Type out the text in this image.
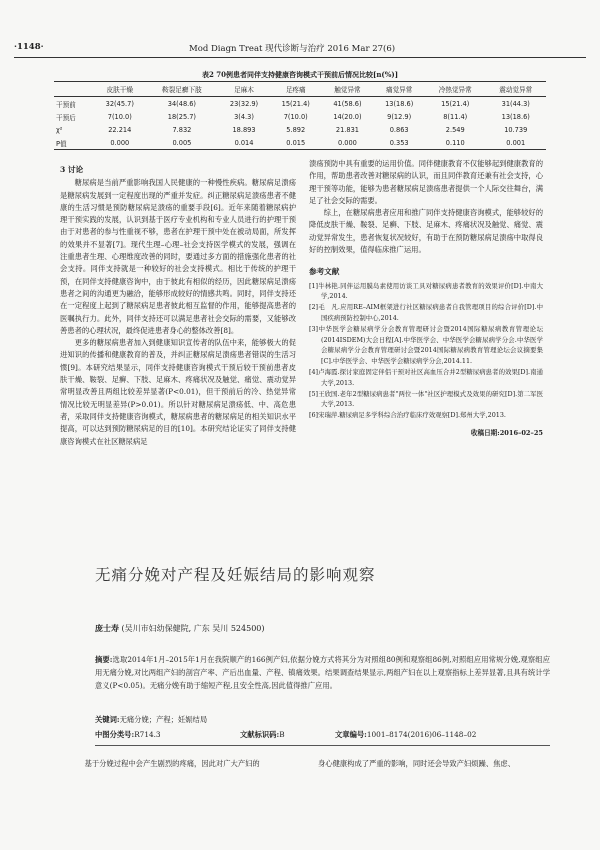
·1148·	Mod Diagn Treat 现代诊断与治疗 2016 Mar 27(6)
表2 70例患者同伴支持健康咨询模式干预前后情况比较[n(%)]
	皮肤干燥	鞍裂足癣下肢	足麻木	足疼痛	触觉异常	痛觉异常	冷热觉异常	震动觉异常
干预前	32(45.7)	34(48.6)	23(32.9)	15(21.4)	41(58.6)	13(18.6)	15(21.4)	31(44.3)
干预后	7(10.0)	18(25.7)	3(4.3)	7(10.0)	14(20.0)	9(12.9)	8(11.4)	13(18.6)
χ²	22.214	7.832	18.893	5.892	21.831	0.863	2.549	10.739
P值	0.000	0.005	0.014	0.015	0.000	0.353	0.110	0.001
3 讨论

糖尿病是当前严重影响我国人民健康的一种慢性疾病。糖尿病足溃疡是糖尿病发展到一定程度出现的严重并发症。纠正糖尿病足溃疡患者不健康的生活习惯是预防糖尿病足溃疡的重要手段[6]。近年来随着糖尿病护理干预实践的发展，认识到基于医疗专业机构和专业人员进行的护理干预由于对患者的参与性重视不够，患者在护理干预中处在被动局面，所发挥的效果并不显著[7]。现代生理–心理–社会支持医学模式的发展，强调在注重患者生理、心理维度改善的同时，要通过多方面的措施强化患者的社会支持。同伴支持就是一种较好的社会支持模式。相比于传统的护理干预，在同伴支持健康咨询中，由于彼此有相似的经历，因此糖尿病足溃疡患者之间的沟通更为融洽，能够形成较好的情感共鸣。同时，同伴支持还在一定程度上起到了糖尿病足患者彼此相互监督的作用，能够提高患者的医嘱执行力。此外，同伴支持还可以满足患者社会交际的需要，又能够改善患者的心理状况，最终促进患者身心的整体改善[8]。

更多的糖尿病患者加入到健康知识宣传者的队伍中来，能够极大的促进知识的传播和健康教育的普及，并纠正糖尿病足溃疡患者错误的生活习惯[9]。本研究结果显示，同伴支持健康咨询模式干预后较干预前患者皮肤干燥、鞍裂、足癣、下肢、足麻木、疼痛状况及触觉、痛觉、震动觉异常明显改善且两组比较差异显著(P<0.01)，但干预前后的冷、热觉异常情况比较无明显差异(P>0.01)。所以针对糖尿病足溃疡低、中、高危患者，采取同伴支持健康咨询模式，糖尿病患者的糖尿病足的相关知识水平提高，可以达到预防糖尿病足的目的[10]。本研究结论证实了同伴支持健康咨询模式在社区糖尿病足

溃疡预防中具有重要的运用价值。同伴健康教育不仅能够起到健康教育的作用，帮助患者改善对糖尿病的认识，而且同伴教育还兼有社会支持，心理干预等功能，能够为患者糖尿病足溃疡患者提供一个人际交往舞台，满足了社会交际的需要。

综上，在糖尿病患者应用和推广同伴支持健康咨询模式，能够较好的降低皮肤干燥、鞍裂、足癣、下肢、足麻木、疼痛状况及触觉、痛觉、震动觉异常发生，患者恢复状况较好，有助于在预防糖尿病足溃疡中取得良好的控制效果，值得临床推广运用。

参考文献
[1]牛林艳.同伴运用膜岛素使用访谈工具对糖尿病患者教育的效果评价[D].中南大学,2014.
[2]毛　凡.应用RE–AIM框架进行社区糖尿病患者自我管理项目的综合评价[D].中国疾病预防控制中心,2014.
[3]中华医学会糖尿病学分会教育管理研讨会暨2014国际糖尿病教育管理论坛(2014ISDEM)大会日程[A].中华医学会、中华医学会糖尿病学分会.中华医学会糖尿病学分会教育管理研讨会暨2014国际糖尿病教育管理论坛会议摘要集[C].中华医学会、中华医学会糖尿病学分会,2014.11.
[4]卢海霞.探讨家庭固定伴侣干预对社区高血压合并2型糖尿病患者的效果[D].南通大学,2013.
[5]王欣国.老年2型糖尿病患者"两位一体"社区护理模式及效果的研究[D].第二军医大学,2013.
[6]宋瑞萍.糖尿病足多学科综合治疗临床疗效观察[D].郑州大学,2013.
收稿日期:2016–02–25
无痛分娩对产程及妊娠结局的影响观察
庞士寿 (吴川市妇幼保健院, 广东 吴川 524500)
摘要:选取2014年1月–2015年1月在我院顺产的166例产妇,依据分娩方式将其分为对照组80例和观察组86例,对照组应用常规分娩,观察组应用无痛分娩,对比两组产妇的剖宫产率、产后出血量、产程、镇痛效果。结果调查结果显示,两组产妇在以上观察指标上差异显著,且具有统计学意义(P<0.05)。无痛分娩有助于缩短产程,且安全性高,因此值得推广应用。
关键词:无痛分娩；产程；妊娠结局
中图分类号:R714.3	文献标识码:B	文章编号:1001–8174(2016)06–1148–02
基于分娩过程中会产生剧烈的疼痛，因此对广大产妇的	身心健康构成了严重的影响，同时还会导致产妇烦躁、焦虑、
